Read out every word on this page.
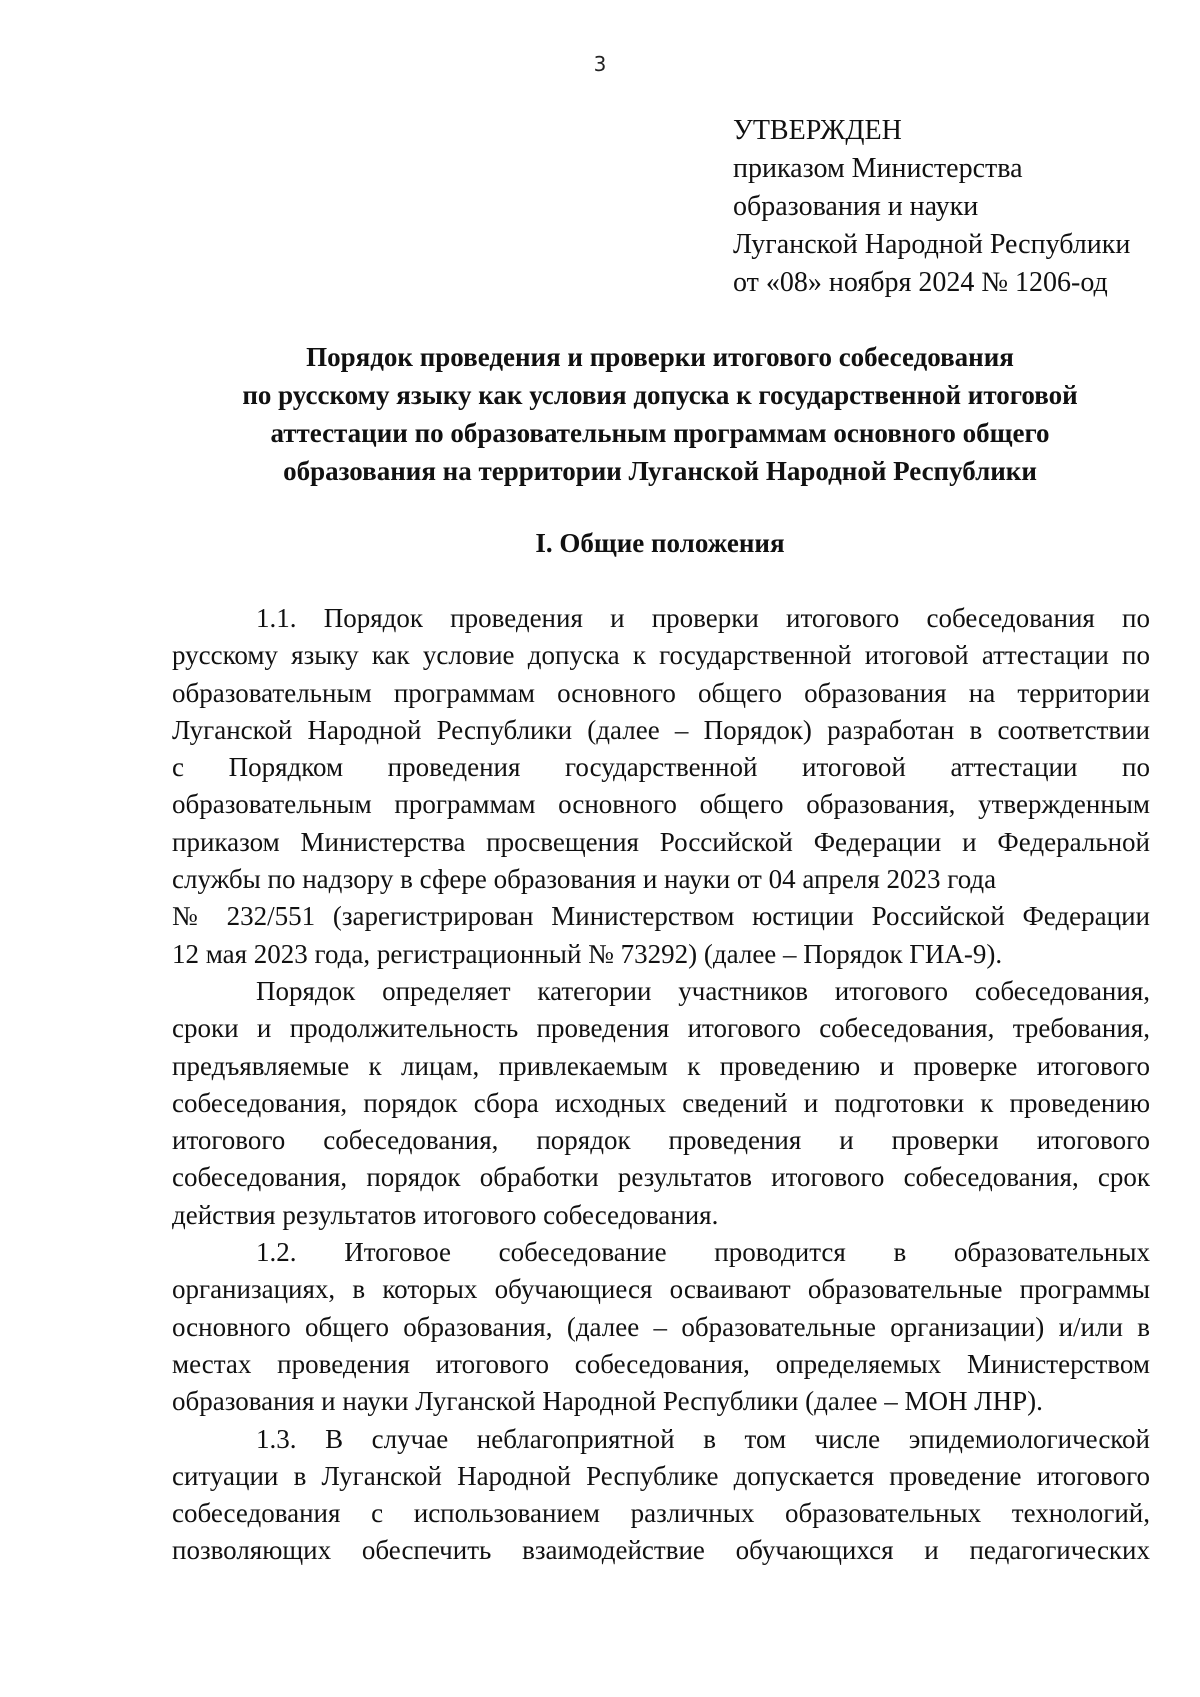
3
УТВЕРЖДЕН
приказом Министерства
образования и науки
Луганской Народной Республики
от «08» ноября 2024 № 1206-од
Порядок проведения и проверки итогового собеседования
по русскому языку как условия допуска к государственной итоговой
аттестации по образовательным программам основного общего
образования на территории Луганской Народной Республики
I. Общие положения
1.1. Порядок проведения и проверки итогового собеседования по
русскому языку как условие допуска к государственной итоговой аттестации по
образовательным программам основного общего образования на территории
Луганской Народной Республики (далее – Порядок) разработан в соответствии
с Порядком проведения государственной итоговой аттестации по
образовательным программам основного общего образования, утвержденным
приказом Министерства просвещения Российской Федерации и Федеральной
службы по надзору в сфере образования и науки от 04 апреля 2023 года
№ 232/551 (зарегистрирован Министерством юстиции Российской Федерации
12 мая 2023 года, регистрационный № 73292) (далее – Порядок ГИА-9).
Порядок определяет категории участников итогового собеседования,
сроки и продолжительность проведения итогового собеседования, требования,
предъявляемые к лицам, привлекаемым к проведению и проверке итогового
собеседования, порядок сбора исходных сведений и подготовки к проведению
итогового собеседования, порядок проведения и проверки итогового
собеседования, порядок обработки результатов итогового собеседования, срок
действия результатов итогового собеседования.
1.2. Итоговое собеседование проводится в образовательных
организациях, в которых обучающиеся осваивают образовательные программы
основного общего образования, (далее – образовательные организации) и/или в
местах проведения итогового собеседования, определяемых Министерством
образования и науки Луганской Народной Республики (далее – МОН ЛНР).
1.3. В случае неблагоприятной в том числе эпидемиологической
ситуации в Луганской Народной Республике допускается проведение итогового
собеседования с использованием различных образовательных технологий,
позволяющих обеспечить взаимодействие обучающихся и педагогических
